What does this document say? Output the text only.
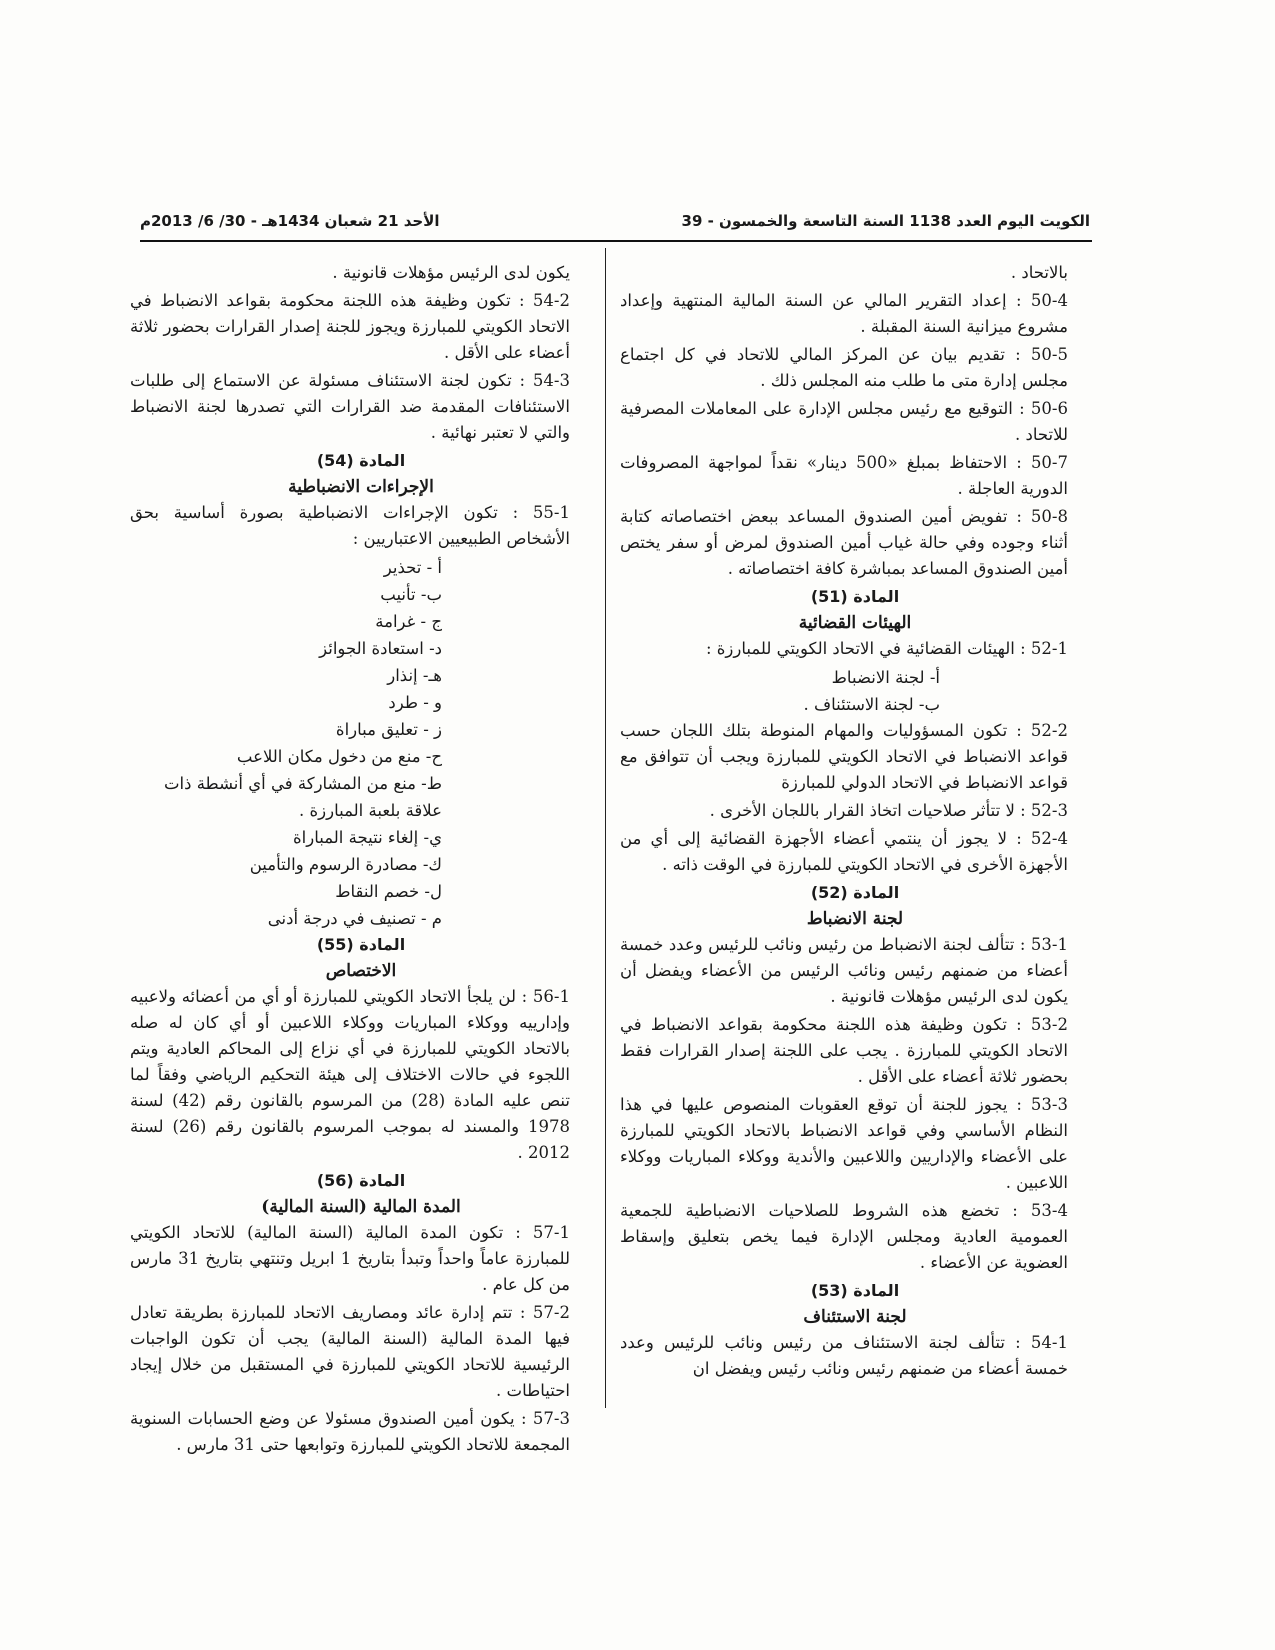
الكويت اليوم العدد 1138 السنة التاسعة والخمسون - 39
الأحد 21 شعبان 1434هـ - 30/ 6/ 2013م
بالاتحاد .
50-4 : إعداد التقرير المالي عن السنة المالية المنتهية وإعداد مشروع ميزانية السنة المقبلة .
50-5 : تقديم بيان عن المركز المالي للاتحاد في كل اجتماع مجلس إدارة متى ما طلب منه المجلس ذلك .
50-6 : التوقيع مع رئيس مجلس الإدارة على المعاملات المصرفية للاتحاد .
50-7 : الاحتفاظ بمبلغ «500 دينار» نقداً لمواجهة المصروفات الدورية العاجلة .
50-8 : تفويض أمين الصندوق المساعد ببعض اختصاصاته كتابة أثناء وجوده وفي حالة غياب أمين الصندوق لمرض أو سفر يختص أمين الصندوق المساعد بمباشرة كافة اختصاصاته .
المادة (51)
الهيئات القضائية
52-1 : الهيئات القضائية في الاتحاد الكويتي للمبارزة :
أ- لجنة الانضباط
ب- لجنة الاستئناف .
52-2 : تكون المسؤوليات والمهام المنوطة بتلك اللجان حسب قواعد الانضباط في الاتحاد الكويتي للمبارزة ويجب أن تتوافق مع قواعد الانضباط في الاتحاد الدولي للمبارزة
52-3 : لا تتأثر صلاحيات اتخاذ القرار باللجان الأخرى .
52-4 : لا يجوز أن ينتمي أعضاء الأجهزة القضائية إلى أي من الأجهزة الأخرى في الاتحاد الكويتي للمبارزة في الوقت ذاته .
المادة (52)
لجنة الانضباط
53-1 : تتألف لجنة الانضباط من رئيس ونائب للرئيس وعدد خمسة أعضاء من ضمنهم رئيس ونائب الرئيس من الأعضاء ويفضل أن يكون لدى الرئيس مؤهلات قانونية .
53-2 : تكون وظيفة هذه اللجنة محكومة بقواعد الانضباط في الاتحاد الكويتي للمبارزة . يجب على اللجنة إصدار القرارات فقط بحضور ثلاثة أعضاء على الأقل .
53-3 : يجوز للجنة أن توقع العقوبات المنصوص عليها في هذا النظام الأساسي وفي قواعد الانضباط بالاتحاد الكويتي للمبارزة على الأعضاء والإداريين واللاعبين والأندية ووكلاء المباريات ووكلاء اللاعبين .
53-4 : تخضع هذه الشروط للصلاحيات الانضباطية للجمعية العمومية العادية ومجلس الإدارة فيما يخص بتعليق وإسقاط العضوية عن الأعضاء .
المادة (53)
لجنة الاستئناف
54-1 : تتألف لجنة الاستئناف من رئيس ونائب للرئيس وعدد خمسة أعضاء من ضمنهم رئيس ونائب رئيس ويفضل ان
يكون لدى الرئيس مؤهلات قانونية .
54-2 : تكون وظيفة هذه اللجنة محكومة بقواعد الانضباط في الاتحاد الكويتي للمبارزة ويجوز للجنة إصدار القرارات بحضور ثلاثة أعضاء على الأقل .
54-3 : تكون لجنة الاستئناف مسئولة عن الاستماع إلى طلبات الاستئنافات المقدمة ضد القرارات التي تصدرها لجنة الانضباط والتي لا تعتبر نهائية .
المادة (54)
الإجراءات الانضباطية
55-1 : تكون الإجراءات الانضباطية بصورة أساسية بحق الأشخاص الطبيعيين الاعتباريين :
أ - تحذير
ب- تأنيب
ج - غرامة
د- استعادة الجوائز
هـ- إنذار
و - طرد
ز - تعليق مباراة
ح- منع من دخول مكان اللاعب
ط- منع من المشاركة في أي أنشطة ذات علاقة بلعبة المبارزة .
ي- إلغاء نتيجة المباراة
ك- مصادرة الرسوم والتأمين
ل- خصم النقاط
م - تصنيف في درجة أدنى
المادة (55)
الاختصاص
56-1 : لن يلجأ الاتحاد الكويتي للمبارزة أو أي من أعضائه ولاعبيه وإدارييه ووكلاء المباريات ووكلاء اللاعبين أو أي كان له صله بالاتحاد الكويتي للمبارزة في أي نزاع إلى المحاكم العادية ويتم اللجوء في حالات الاختلاف إلى هيئة التحكيم الرياضي وفقاً لما تنص عليه المادة (28) من المرسوم بالقانون رقم (42) لسنة 1978 والمسند له بموجب المرسوم بالقانون رقم (26) لسنة 2012 .
المادة (56)
المدة المالية (السنة المالية)
57-1 : تكون المدة المالية (السنة المالية) للاتحاد الكويتي للمبارزة عاماً واحداً وتبدأ بتاريخ 1 ابريل وتنتهي بتاريخ 31 مارس من كل عام .
57-2 : تتم إدارة عائد ومصاريف الاتحاد للمبارزة بطريقة تعادل فيها المدة المالية (السنة المالية) يجب أن تكون الواجبات الرئيسية للاتحاد الكويتي للمبارزة في المستقبل من خلال إيجاد احتياطات .
57-3 : يكون أمين الصندوق مسئولا عن وضع الحسابات السنوية المجمعة للاتحاد الكويتي للمبارزة وتوابعها حتى 31 مارس .
